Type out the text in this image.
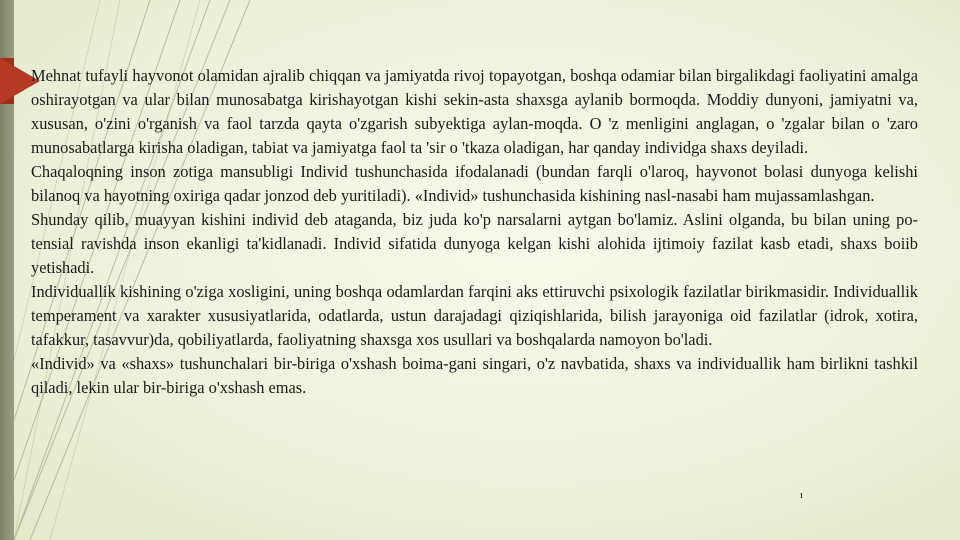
Mehnat tufayli hayvonot olamidan ajralib chiqqan va jamiyatda rivoj topayotgan, boshqa odamiar bilan birgalikdagi faoliyatini amalga oshirayotgan va ular bilan munosabatga kirishayotgan kishi sekin-asta shaxsga aylanib bormoqda. Moddiy dunyoni, jamiyatni va, xususan, o'zini o'rganish va faol tarzda qayta o'zgarish subyektiga aylan-moqda. O 'z menligini anglagan, o 'zgalar bilan o 'zaro munosabatlarga kirisha oladigan, tabiat va jamiyatga faol ta 'sir o 'tkaza oladigan, har qanday individga shaxs deyiladi.

Chaqaloqning inson zotiga mansubligi Individ tushunchasida ifodalanadi (bundan farqli o'laroq, hayvonot bolasi dunyoga kelishi bilanoq va hayotning oxiriga qadar jonzod deb yuritiladi). «Individ» tushunchasida kishining nasl-nasabi ham mujassamlashgan.

Shunday qilib, muayyan kishini individ deb ataganda, biz juda ko'p narsalarni aytgan bo'lamiz. Aslini olganda, bu bilan uning po-tensial ravishda inson ekanligi ta'kidlanadi. Individ sifatida dunyoga kelgan kishi alohida ijtimoiy fazilat kasb etadi, shaxs boiib yetishadi.

Individuallik kishining o'ziga xosligini, uning boshqa odamlardan farqini aks ettiruvchi psixologik fazilatlar birikmasidir. Individuallik temperament va xarakter xususiyatlarida, odatlarda, ustun darajadagi qiziqishlarida, bilish jarayoniga oid fazilatlar (idrok, xotira, tafakkur, tasavvur)da, qobiliyatlarda, faoliyatning shaxsga xos usullari va boshqalarda namoyon bo'ladi.

«Individ» va «shaxs» tushunchalari bir-biriga o'xshash boima-gani singari, o'z navbatida, shaxs va individuallik ham birlikni tashkil qiladi, lekin ular bir-biriga o'xshash emas.

ı
